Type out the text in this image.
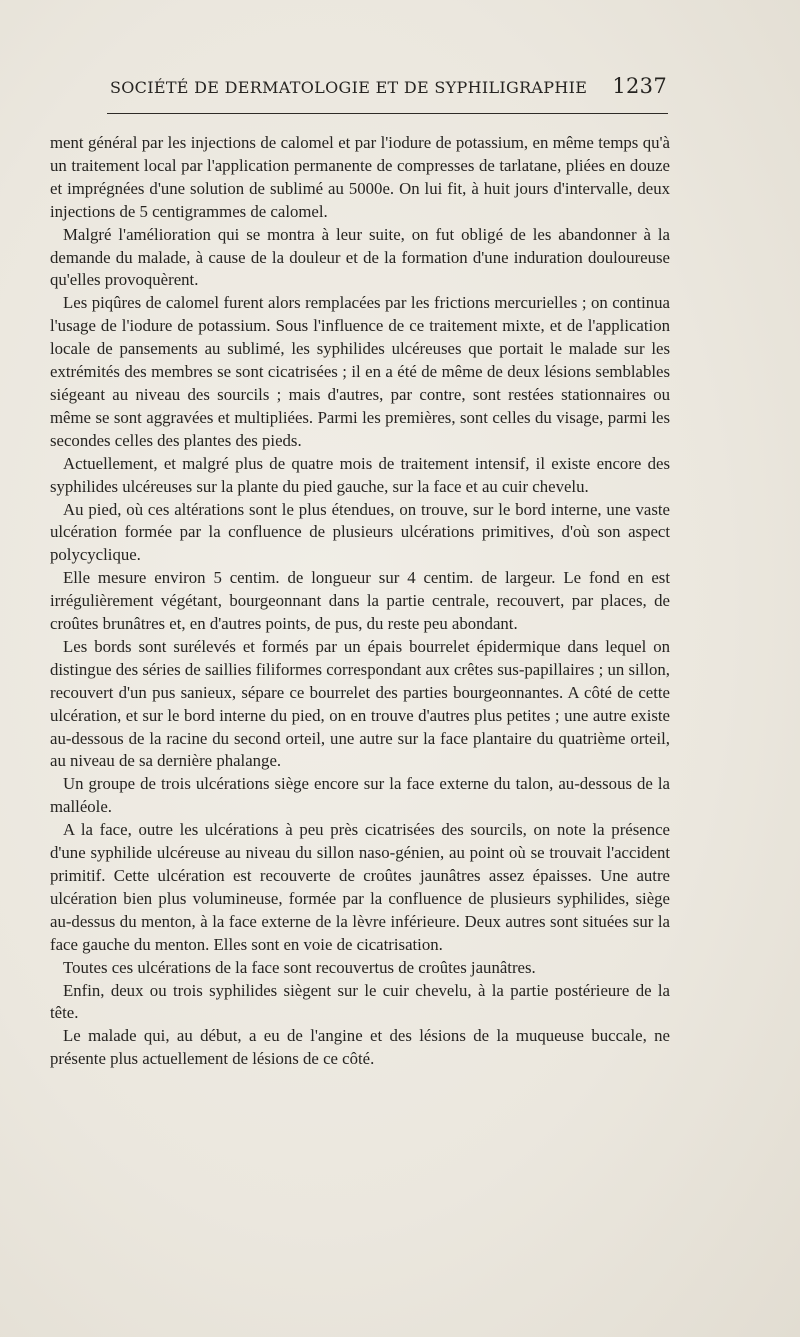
SOCIÉTÉ DE DERMATOLOGIE ET DE SYPHILIGRAPHIE 1237

ment général par les injections de calomel et par l'iodure de potassium, en même temps qu'à un traitement local par l'application permanente de compresses de tarlatane, pliées en douze et imprégnées d'une solution de sublimé au 5000e. On lui fit, à huit jours d'intervalle, deux injections de 5 centigrammes de calomel.

Malgré l'amélioration qui se montra à leur suite, on fut obligé de les abandonner à la demande du malade, à cause de la douleur et de la formation d'une induration douloureuse qu'elles provoquèrent.

Les piqûres de calomel furent alors remplacées par les frictions mercurielles ; on continua l'usage de l'iodure de potassium. Sous l'influence de ce traitement mixte, et de l'application locale de pansements au sublimé, les syphilides ulcéreuses que portait le malade sur les extrémités des membres se sont cicatrisées ; il en a été de même de deux lésions semblables siégeant au niveau des sourcils ; mais d'autres, par contre, sont restées stationnaires ou même se sont aggravées et multipliées. Parmi les premières, sont celles du visage, parmi les secondes celles des plantes des pieds.

Actuellement, et malgré plus de quatre mois de traitement intensif, il existe encore des syphilides ulcéreuses sur la plante du pied gauche, sur la face et au cuir chevelu.

Au pied, où ces altérations sont le plus étendues, on trouve, sur le bord interne, une vaste ulcération formée par la confluence de plusieurs ulcérations primitives, d'où son aspect polycyclique.

Elle mesure environ 5 centim. de longueur sur 4 centim. de largeur. Le fond en est irrégulièrement végétant, bourgeonnant dans la partie centrale, recouvert, par places, de croûtes brunâtres et, en d'autres points, de pus, du reste peu abondant.

Les bords sont surélevés et formés par un épais bourrelet épidermique dans lequel on distingue des séries de saillies filiformes correspondant aux crêtes sus-papillaires ; un sillon, recouvert d'un pus sanieux, sépare ce bourrelet des parties bourgeonnantes. A côté de cette ulcération, et sur le bord interne du pied, on en trouve d'autres plus petites ; une autre existe au-dessous de la racine du second orteil, une autre sur la face plantaire du quatrième orteil, au niveau de sa dernière phalange.

Un groupe de trois ulcérations siège encore sur la face externe du talon, au-dessous de la malléole.

A la face, outre les ulcérations à peu près cicatrisées des sourcils, on note la présence d'une syphilide ulcéreuse au niveau du sillon naso-génien, au point où se trouvait l'accident primitif. Cette ulcération est recouverte de croûtes jaunâtres assez épaisses. Une autre ulcération bien plus volumineuse, formée par la confluence de plusieurs syphilides, siège au-dessus du menton, à la face externe de la lèvre inférieure. Deux autres sont situées sur la face gauche du menton. Elles sont en voie de cicatrisation.

Toutes ces ulcérations de la face sont recouvertus de croûtes jaunâtres.

Enfin, deux ou trois syphilides siègent sur le cuir chevelu, à la partie postérieure de la tête.

Le malade qui, au début, a eu de l'angine et des lésions de la muqueuse buccale, ne présente plus actuellement de lésions de ce côté.
